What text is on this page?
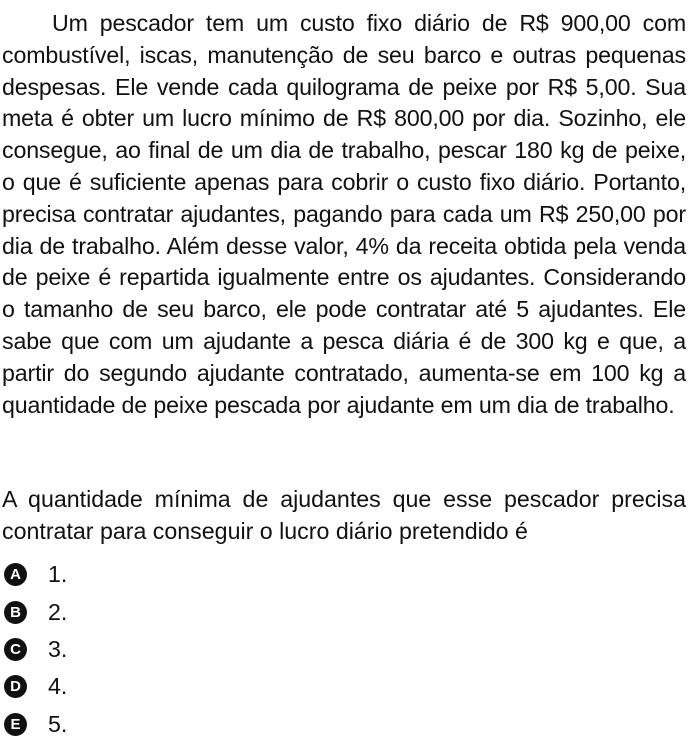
Um pescador tem um custo fixo diário de R$ 900,00 com combustível, iscas, manutenção de seu barco e outras pequenas despesas. Ele vende cada quilograma de peixe por R$ 5,00. Sua meta é obter um lucro mínimo de R$ 800,00 por dia. Sozinho, ele consegue, ao final de um dia de trabalho, pescar 180 kg de peixe, o que é suficiente apenas para cobrir o custo fixo diário. Portanto, precisa contratar ajudantes, pagando para cada um R$ 250,00 por dia de trabalho. Além desse valor, 4% da receita obtida pela venda de peixe é repartida igualmente entre os ajudantes. Considerando o tamanho de seu barco, ele pode contratar até 5 ajudantes. Ele sabe que com um ajudante a pesca diária é de 300 kg e que, a partir do segundo ajudante contratado, aumenta-se em 100 kg a quantidade de peixe pescada por ajudante em um dia de trabalho.

A quantidade mínima de ajudantes que esse pescador precisa contratar para conseguir o lucro diário pretendido é

A 1.
B 2.
C 3.
D 4.
E 5.
